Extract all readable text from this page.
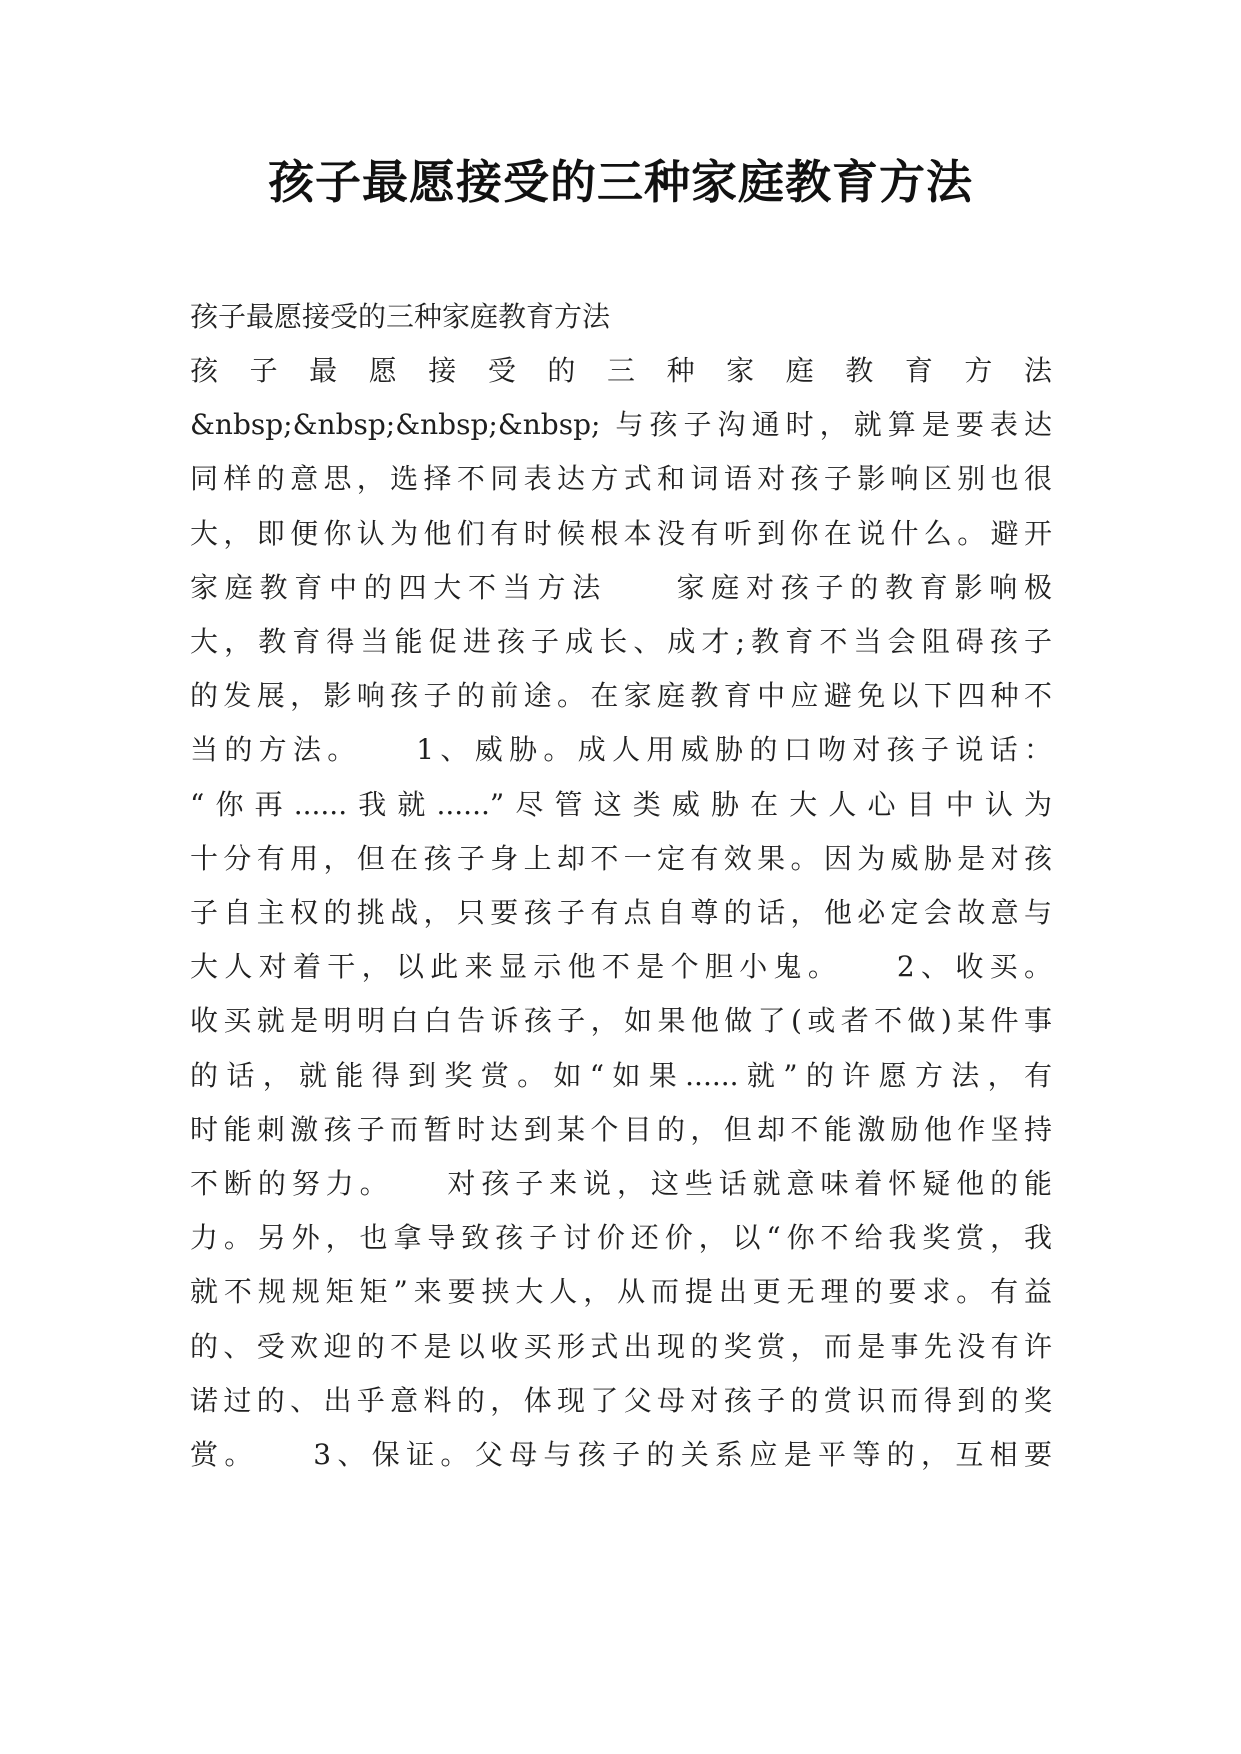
孩子最愿接受的三种家庭教育方法
孩子最愿接受的三种家庭教育方法
孩 子 最 愿 接 受 的 三 种 家 庭 教 育 方 法
&nbsp;&nbsp;&nbsp;&nbsp; 与孩子沟通时，就算是要表达
同样的意思，选择不同表达方式和词语对孩子影响区别也很
大，即便你认为他们有时候根本没有听到你在说什么。避开
家庭教育中的四大不当方法　　家庭对孩子的教育影响极
大，教育得当能促进孩子成长、成才;教育不当会阻碍孩子
的发展，影响孩子的前途。在家庭教育中应避免以下四种不
当的方法。　　1、威胁。成人用威胁的口吻对孩子说话：
“你再......我就......”尽管这类威胁在大人心目中认为
十分有用，但在孩子身上却不一定有效果。因为威胁是对孩
子自主权的挑战，只要孩子有点自尊的话，他必定会故意与
大人对着干，以此来显示他不是个胆小鬼。　　2、收买。
收买就是明明白白告诉孩子，如果他做了(或者不做)某件事
的话，就能得到奖赏。如“如果......就”的许愿方法，有
时能刺激孩子而暂时达到某个目的，但却不能激励他作坚持
不断的努力。　　对孩子来说，这些话就意味着怀疑他的能
力。另外，也拿导致孩子讨价还价，以“你不给我奖赏，我
就不规规矩矩”来要挟大人，从而提出更无理的要求。有益
的、受欢迎的不是以收买形式出现的奖赏，而是事先没有许
诺过的、出乎意料的，体现了父母对孩子的赏识而得到的奖
赏。　　3、保证。父母与孩子的关系应是平等的，互相要
